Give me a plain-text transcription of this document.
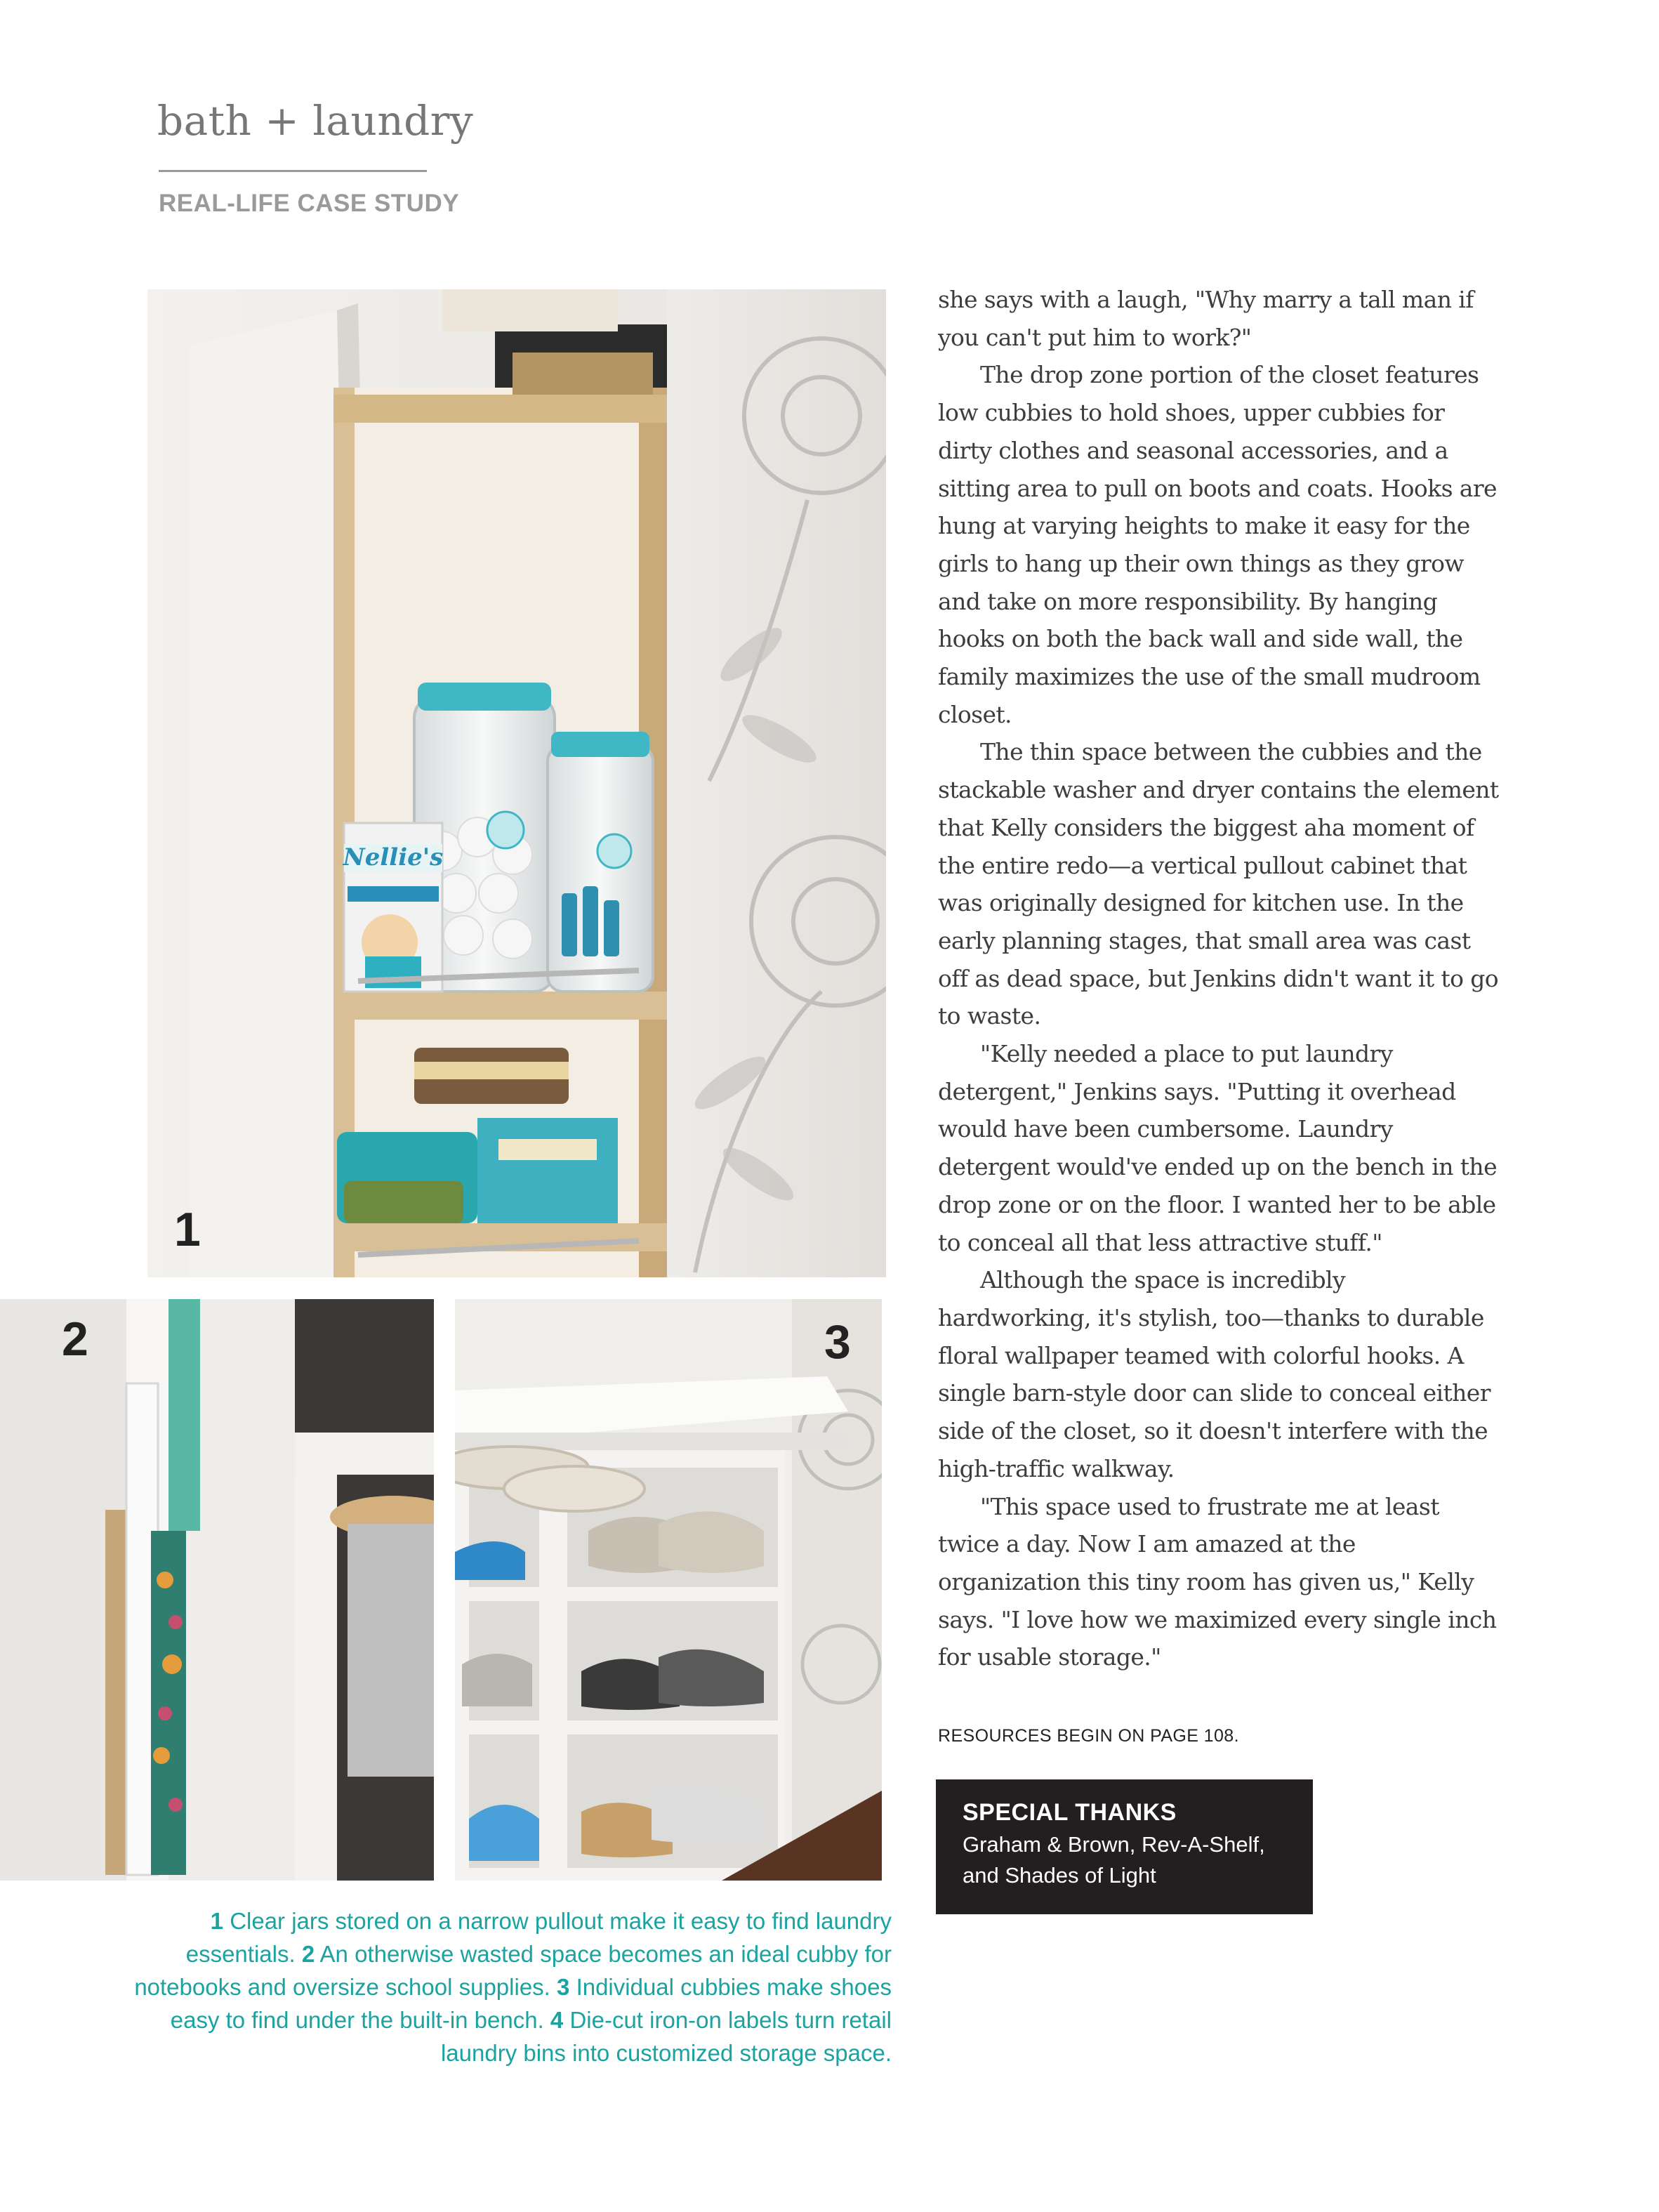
bath + laundry
REAL-LIFE CASE STUDY
Nellie's
1
2	3
1 Clear jars stored on a narrow pullout make it easy to find laundry essentials. 2 An otherwise wasted space becomes an ideal cubby for notebooks and oversize school supplies. 3 Individual cubbies make shoes easy to find under the built-in bench. 4 Die-cut iron-on labels turn retail laundry bins into customized storage space.

she says with a laugh, "Why marry a tall man if you can't put him to work?"

The drop zone portion of the closet features low cubbies to hold shoes, upper cubbies for dirty clothes and seasonal accessories, and a sitting area to pull on boots and coats. Hooks are hung at varying heights to make it easy for the girls to hang up their own things as they grow and take on more responsibility. By hanging hooks on both the back wall and side wall, the family maximizes the use of the small mudroom closet.

The thin space between the cubbies and the stackable washer and dryer contains the element that Kelly considers the biggest aha moment of the entire redo—a vertical pullout cabinet that was originally designed for kitchen use. In the early planning stages, that small area was cast off as dead space, but Jenkins didn't want it to go to waste.

"Kelly needed a place to put laundry detergent," Jenkins says. "Putting it overhead would have been cumbersome. Laundry detergent would've ended up on the bench in the drop zone or on the floor. I wanted her to be able to conceal all that less attractive stuff."

Although the space is incredibly hardworking, it's stylish, too—thanks to durable floral wallpaper teamed with colorful hooks. A single barn-style door can slide to conceal either side of the closet, so it doesn't interfere with the high-traffic walkway.

"This space used to frustrate me at least twice a day. Now I am amazed at the organization this tiny room has given us," Kelly says. "I love how we maximized every single inch for usable storage."

RESOURCES BEGIN ON PAGE 108.
SPECIAL THANKS
Graham & Brown, Rev-A-Shelf, and Shades of Light
